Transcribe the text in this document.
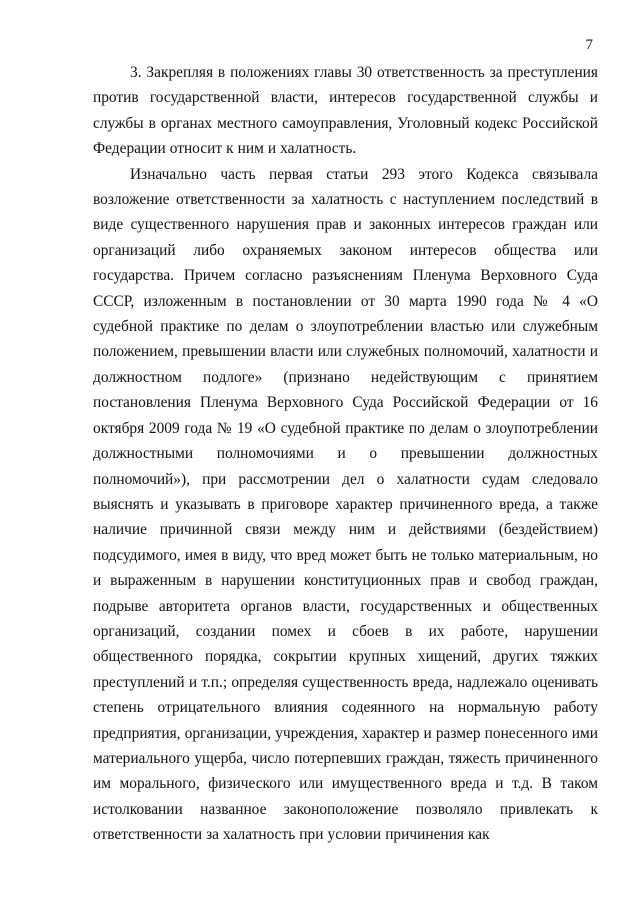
7

3. Закрепляя в положениях главы 30 ответственность за преступления против государственной власти, интересов государственной службы и службы в органах местного самоуправления, Уголовный кодекс Российской Федерации относит к ним и халатность.

Изначально часть первая статьи 293 этого Кодекса связывала возложение ответственности за халатность с наступлением последствий в виде существенного нарушения прав и законных интересов граждан или организаций либо охраняемых законом интересов общества или государства. Причем согласно разъяснениям Пленума Верховного Суда СССР, изложенным в постановлении от 30 марта 1990 года № 4 «О судебной практике по делам о злоупотреблении властью или служебным положением, превышении власти или служебных полномочий, халатности и должностном подлоге» (признано недействующим с принятием постановления Пленума Верховного Суда Российской Федерации от 16 октября 2009 года № 19 «О судебной практике по делам о злоупотреблении должностными полномочиями и о превышении должностных полномочий»), при рассмотрении дел о халатности судам следовало выяснять и указывать в приговоре характер причиненного вреда, а также наличие причинной связи между ним и действиями (бездействием) подсудимого, имея в виду, что вред может быть не только материальным, но и выраженным в нарушении конституционных прав и свобод граждан, подрыве авторитета органов власти, государственных и общественных организаций, создании помех и сбоев в их работе, нарушении общественного порядка, сокрытии крупных хищений, других тяжких преступлений и т.п.; определяя существенность вреда, надлежало оценивать степень отрицательного влияния содеянного на нормальную работу предприятия, организации, учреждения, характер и размер понесенного ими материального ущерба, число потерпевших граждан, тяжесть причиненного им морального, физического или имущественного вреда и т.д. В таком истолковании названное законоположение позволяло привлекать к ответственности за халатность при условии причинения как
